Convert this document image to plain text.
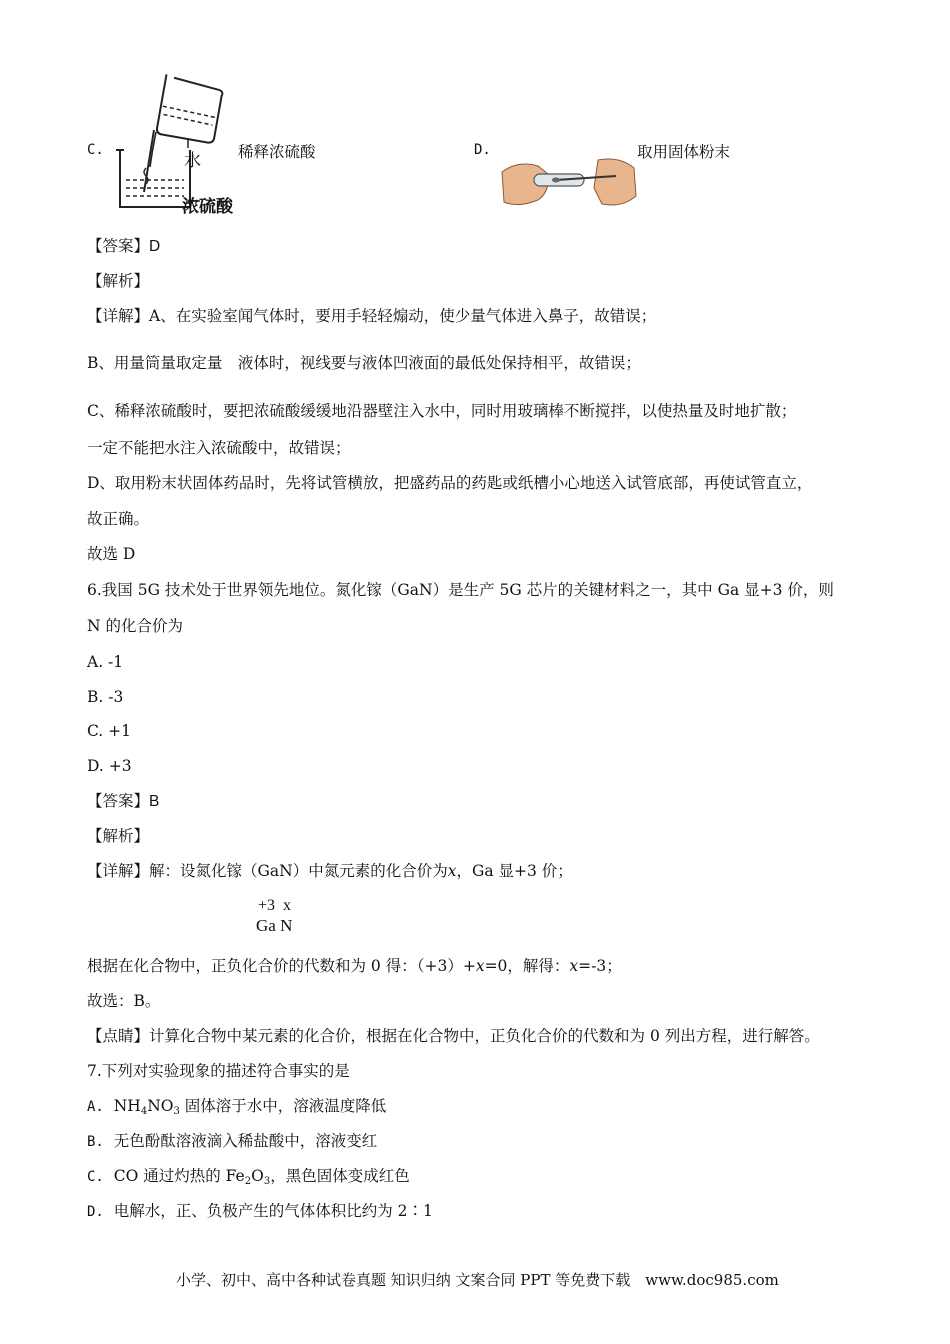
C.
水
浓硫酸
稀释浓硫酸	D.	取用固体粉末
【答案】D
【解析】
【详解】A、在实验室闻气体时，要用手轻轻煽动，使少量气体进入鼻子，故错误；
B、用量筒量取定量　液体时，视线要与液体凹液面的最低处保持相平，故错误；
C、稀释浓硫酸时，要把浓硫酸缓缓地沿器壁注入水中，同时用玻璃棒不断搅拌，以使热量及时地扩散；
一定不能把水注入浓硫酸中，故错误；
D、取用粉末状固体药品时，先将试管横放，把盛药品的药匙或纸槽小心地送入试管底部，再使试管直立，
故正确。
故选 D
6.我国 5G 技术处于世界领先地位。氮化镓（GaN）是生产 5G 芯片的关键材料之一，其中 Ga 显+3 价，则
N 的化合价为
A. -1
B. -3
C. +1
D. +3
【答案】B
【解析】
【详解】解：设氮化镓（GaN）中氮元素的化合价为x，Ga 显+3 价；
+3  x
Ga N
根据在化合物中，正负化合价的代数和为 0 得：（+3）+x=0，解得：x=-3；
故选：B。
【点睛】计算化合物中某元素的化合价，根据在化合物中，正负化合价的代数和为 0 列出方程，进行解答。
7.下列对实验现象的描述符合事实的是
A. $NH_4NO_3$ 固体溶于水中，溶液温度降低
B. 无色酚酞溶液滴入稀盐酸中，溶液变红
C. CO 通过灼热的 $Fe_2O_3$，黑色固体变成红色
D. 电解水，正、负极产生的气体体积比约为 2∶1
小学、初中、高中各种试卷真题 知识归纳 文案合同 PPT 等免费下载　www.doc985.com
